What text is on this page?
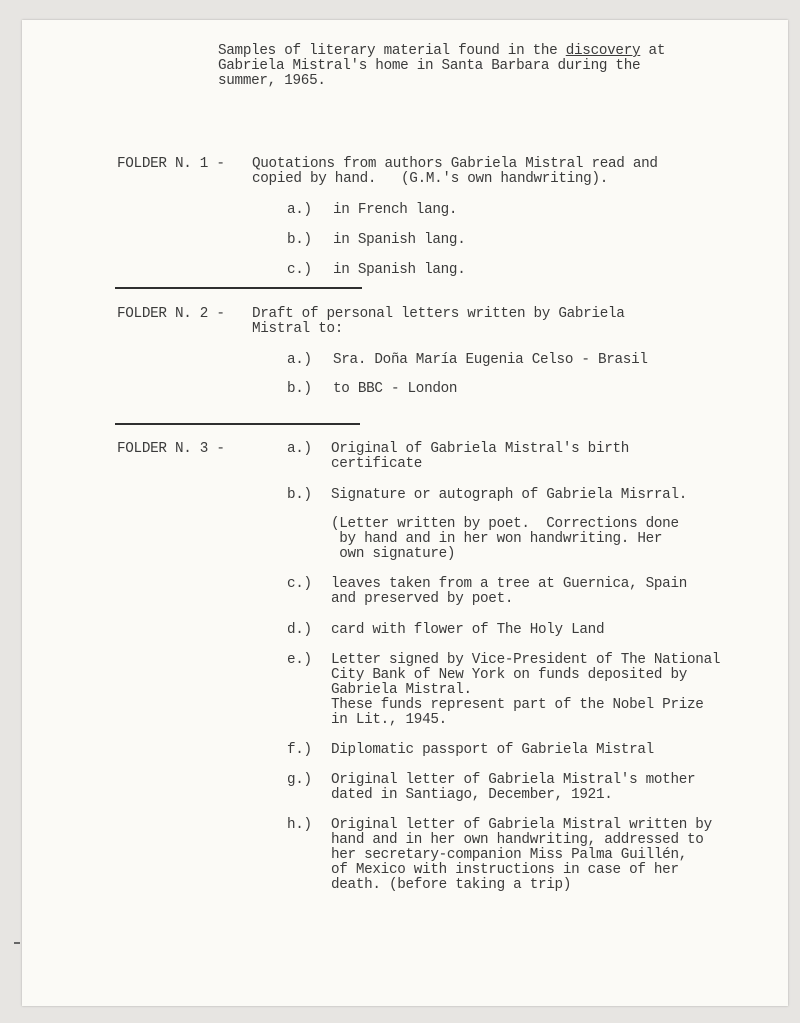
Samples of literary material found in the discovery at
Gabriela Mistral's home in Santa Barbara during the
summer, 1965.
FOLDER N. 1 - Quotations from authors Gabriela Mistral read and
copied by hand.   (G.M.'s own handwriting).
a.) in French lang.
b.) in Spanish lang.
c.) in Spanish lang.
FOLDER N. 2 - Draft of personal letters written by Gabriela
Mistral to:
a.) Sra. Doña María Eugenia Celso - Brasil
b.) to BBC - London
FOLDER N. 3 -	a.) Original of Gabriela Mistral's birth
certificate
b.) Signature or autograph of Gabriela Misrral.
(Letter written by poet.  Corrections done
by hand and in her won handwriting. Her
own signature)
c.) leaves taken from a tree at Guernica, Spain
and preserved by poet.
d.) card with flower of The Holy Land
e.) Letter signed by Vice-President of The National
City Bank of New York on funds deposited by
Gabriela Mistral.
These funds represent part of the Nobel Prize
in Lit., 1945.
f.) Diplomatic passport of Gabriela Mistral
g.) Original letter of Gabriela Mistral's mother
dated in Santiago, December, 1921.
h.) Original letter of Gabriela Mistral written by
hand and in her own handwriting, addressed to
her secretary-companion Miss Palma Guillén,
of Mexico with instructions in case of her
death. (before taking a trip)
